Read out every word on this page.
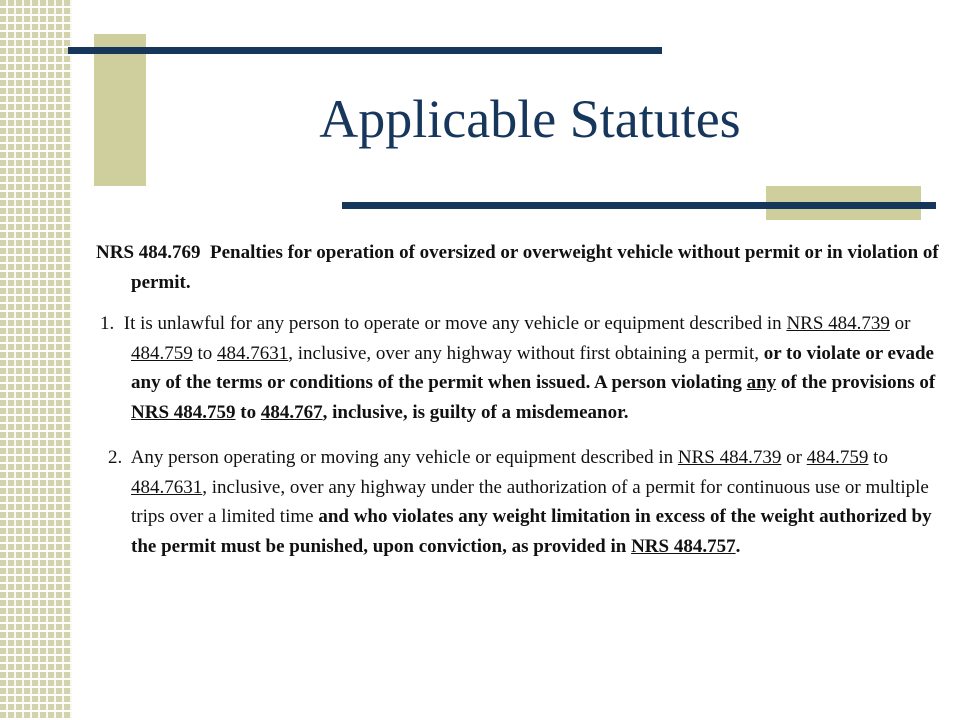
Applicable Statutes

NRS 484.769 Penalties for operation of oversized or overweight vehicle without permit or in violation of permit.

1. It is unlawful for any person to operate or move any vehicle or equipment described in NRS 484.739 or 484.759 to 484.7631, inclusive, over any highway without first obtaining a permit, or to violate or evade any of the terms or conditions of the permit when issued. A person violating any of the provisions of NRS 484.759 to 484.767, inclusive, is guilty of a misdemeanor.

2. Any person operating or moving any vehicle or equipment described in NRS 484.739 or 484.759 to 484.7631, inclusive, over any highway under the authorization of a permit for continuous use or multiple trips over a limited time and who violates any weight limitation in excess of the weight authorized by the permit must be punished, upon conviction, as provided in NRS 484.757.
